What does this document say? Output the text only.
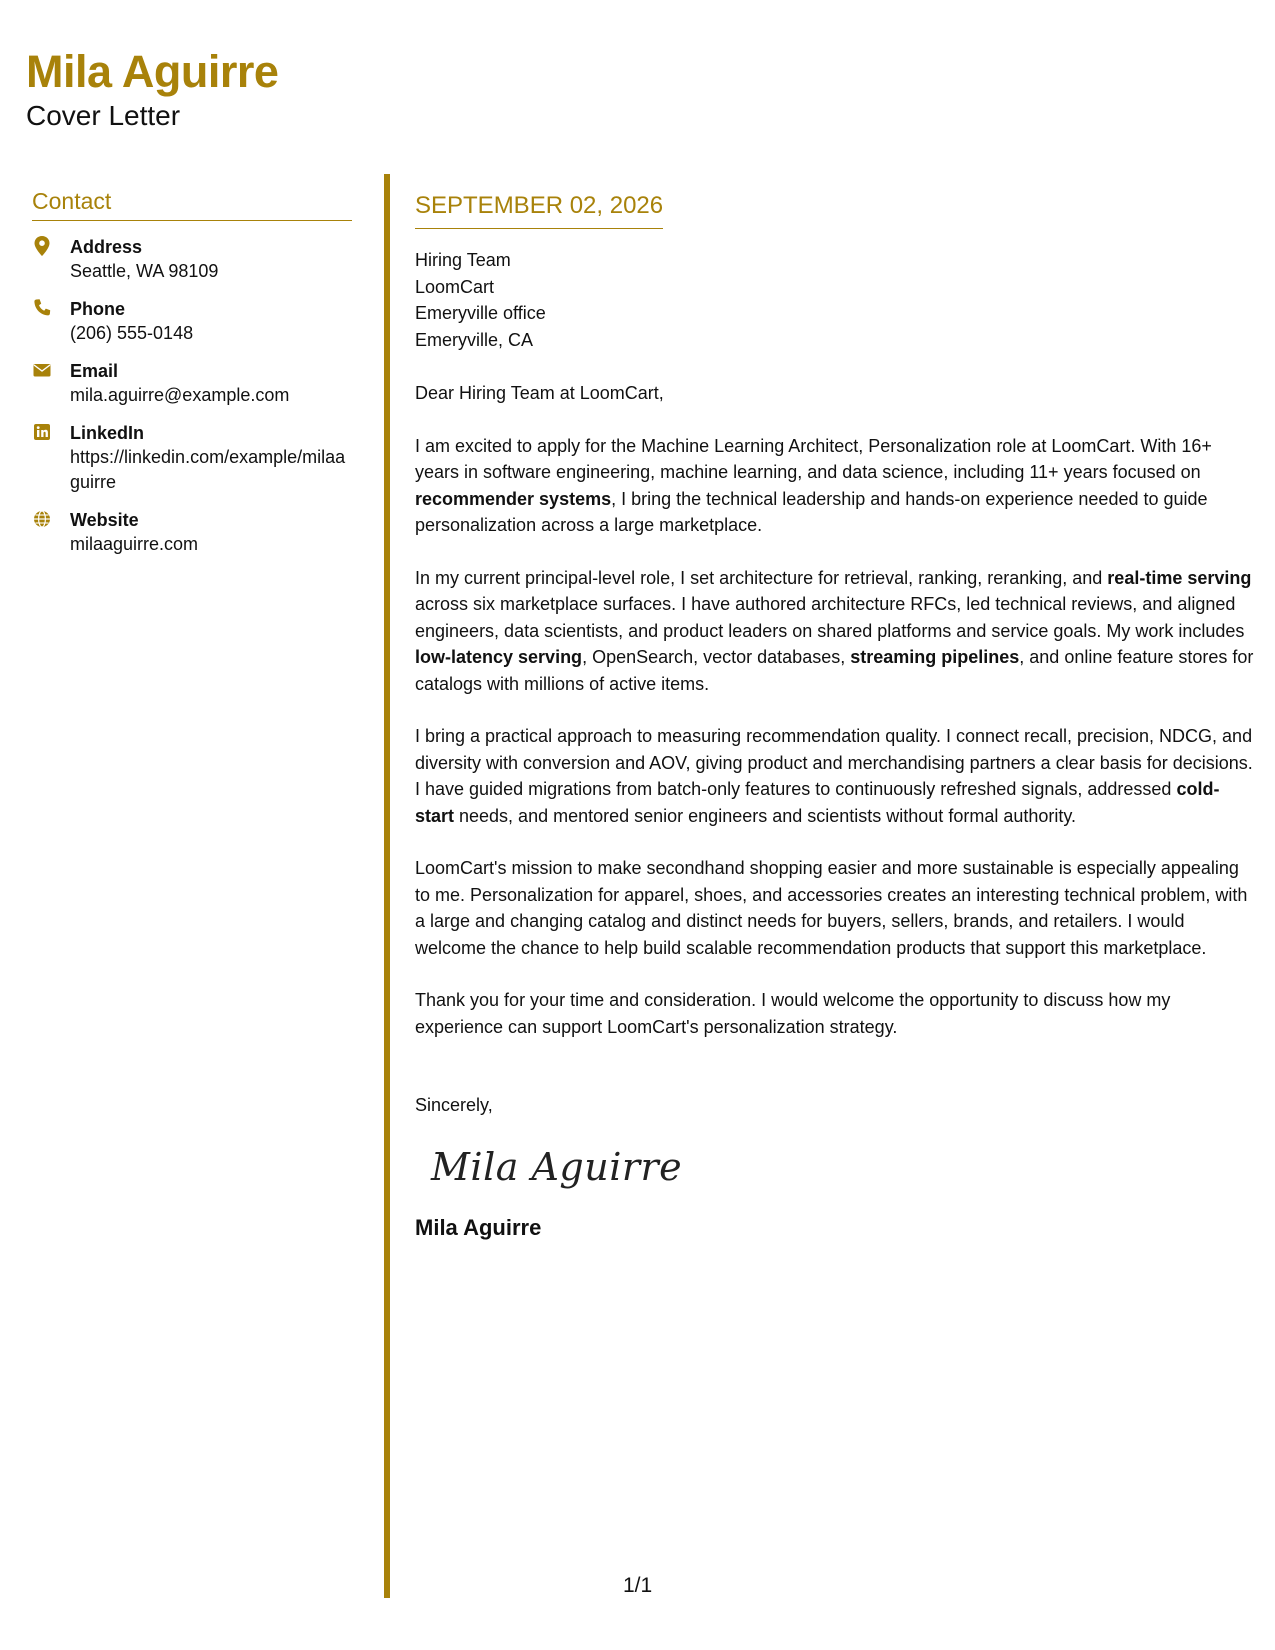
Mila Aguirre
Cover Letter
Contact
Address
Seattle, WA 98109
Phone
(206) 555-0148
Email
mila.aguirre@example.com
LinkedIn
https://linkedin.com/example/milaaguirre
Website
milaaguirre.com
SEPTEMBER 02, 2026
Hiring Team
LoomCart
Emeryville office
Emeryville, CA
Dear Hiring Team at LoomCart,

I am excited to apply for the Machine Learning Architect, Personalization role at LoomCart. With 16+ years in software engineering, machine learning, and data science, including 11+ years focused on recommender systems, I bring the technical leadership and hands-on experience needed to guide personalization across a large marketplace.

In my current principal-level role, I set architecture for retrieval, ranking, reranking, and real-time serving across six marketplace surfaces. I have authored architecture RFCs, led technical reviews, and aligned engineers, data scientists, and product leaders on shared platforms and service goals. My work includes low-latency serving, OpenSearch, vector databases, streaming pipelines, and online feature stores for catalogs with millions of active items.

I bring a practical approach to measuring recommendation quality. I connect recall, precision, NDCG, and diversity with conversion and AOV, giving product and merchandising partners a clear basis for decisions. I have guided migrations from batch-only features to continuously refreshed signals, addressed cold-start needs, and mentored senior engineers and scientists without formal authority.

LoomCart's mission to make secondhand shopping easier and more sustainable is especially appealing to me. Personalization for apparel, shoes, and accessories creates an interesting technical problem, with a large and changing catalog and distinct needs for buyers, sellers, brands, and retailers. I would welcome the chance to help build scalable recommendation products that support this marketplace.

Thank you for your time and consideration. I would welcome the opportunity to discuss how my experience can support LoomCart's personalization strategy.

Sincerely,
Mila Aguirre
Mila Aguirre
1/1
